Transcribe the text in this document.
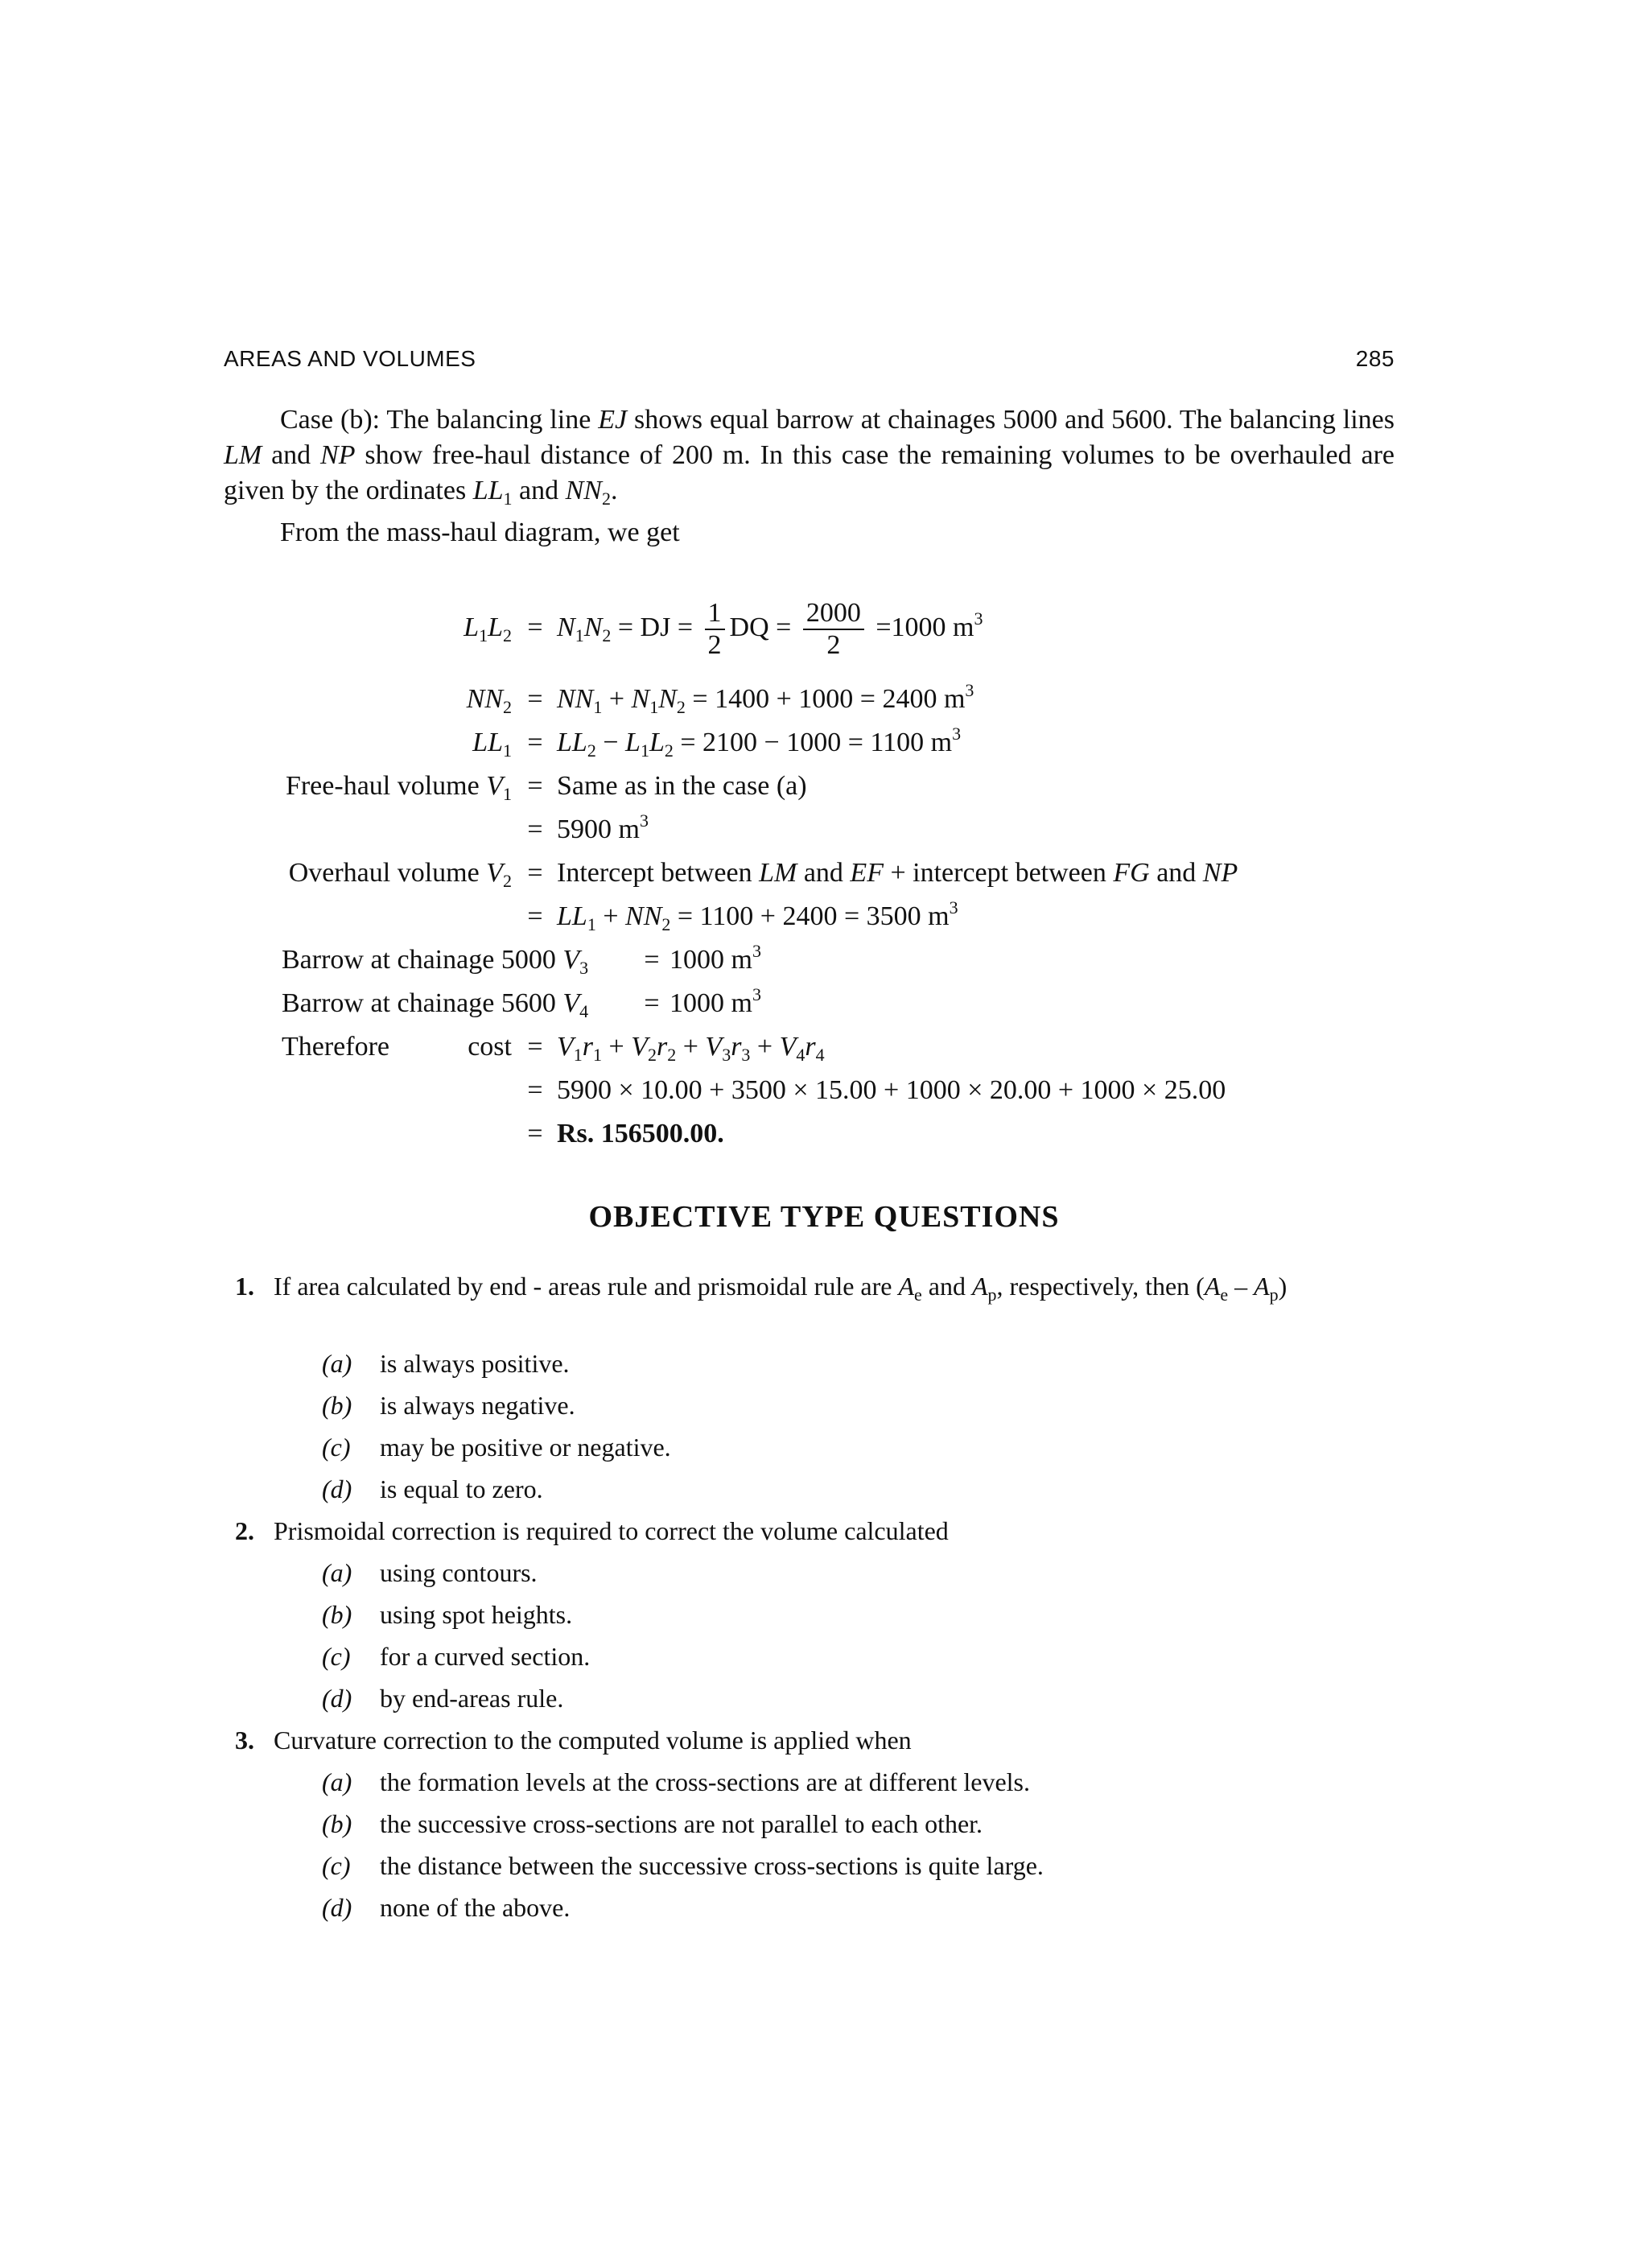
AREAS AND VOLUMES	285
Case (b): The balancing line EJ shows equal barrow at chainages 5000 and 5600. The balancing lines LM and NP show free-haul distance of 200 m. In this case the remaining volumes to be overhauled are given by the ordinates $LL_1$ and $NN_2$.
From the mass-haul diagram, we get
$L_1L_2 = N_1N_2$ = DJ = $\frac{1}{2}$ DQ = $\frac{2000}{2} =1000$ $m^3$
$NN_2 = NN_1 + N_1N_2 = 1400 + 1000 = 2400$ $m^3$
$LL_1 = LL_2 - L_1L_2 = 2100 - 1000 = 1100$ $m^3$
Free-haul volume $V_1$ = Same as in the case (a)
= 5900 $m^3$
Overhaul volume $V_2$ = Intercept between LM and EF + intercept between FG and NP
= $LL_1 + NN_2 = 1100 + 2400 = 3500$ $m^3$
Barrow at chainage 5000 $V_3 = 1000$ $m^3$
Barrow at chainage 5600 $V_4 = 1000$ $m^3$
Therefore	$\cos t = V_1r_1 + V_2r_2 + V_3r_3 + V_4r_4$
= 5900 × 10.00 + 3500 × 15.00 + 1000 × 20.00 + 1000 × 25.00
= Rs. 156500.00.
OBJECTIVE TYPE QUESTIONS
1. If area calculated by end - areas rule and prismoidal rule are $A_e$ and $A_p$, respectively, then $(A_e - A_p)$
(a) is always positive.
(b) is always negative.
(c) may be positive or negative.
(d) is equal to zero.
2. Prismoidal correction is required to correct the volume calculated
(a) using contours.
(b) using spot heights.
(c) for a curved section.
(d) by end-areas rule.
3. Curvature correction to the computed volume is applied when
(a) the formation levels at the cross-sections are at different levels.
(b) the successive cross-sections are not parallel to each other.
(c) the distance between the successive cross-sections is quite large.
(d) none of the above.
